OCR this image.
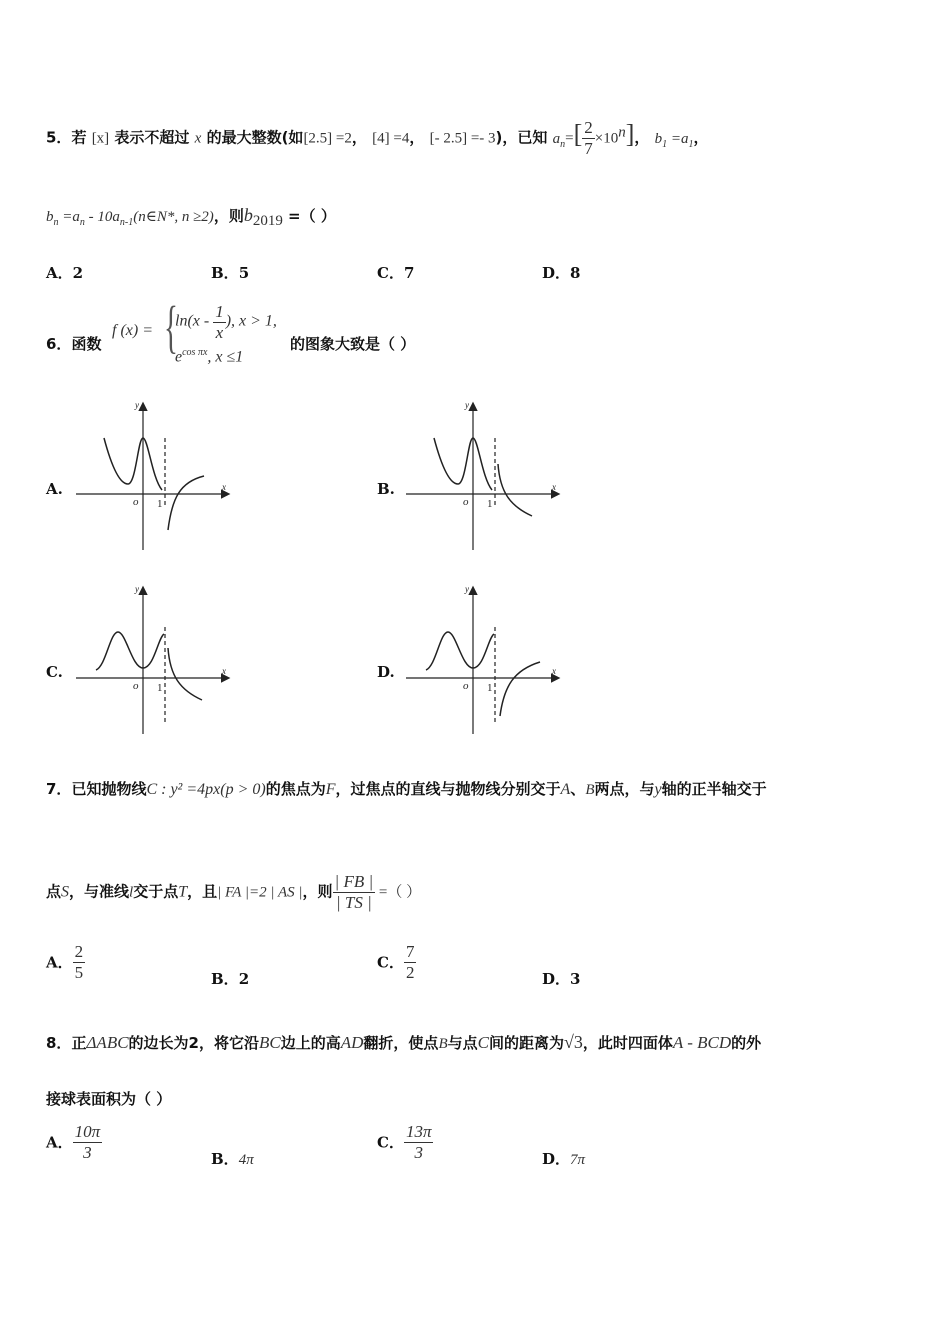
5．若 [x] 表示不超过 x 的最大整数(如[2.5] =2， [4] =4， [- 2.5] =- 3)，已知 $a_n=[ \frac{2}{7} \times 10^n]$， $b_1 =a_1$，
$b_n =a_n$ - $10a_{n-1}(n\in N*$, n ≥2)，则$b_{2019}$ =（ ）
A．2	B．5	C．7	D．8
6．函数
f (x) = {
$\ln(x - \frac{1}{x}$ ), x > 1,
$e^{cos \pi x}$, x ≤1
的图象大致是（ ）
A.	B.
C.	D.
x
y
o 1
x
y
o 1
x
y
o 1
x
y
o 1
7．已知抛物线C : y² =4px(p > 0)的焦点为F，过焦点的直线与抛物线分别交于A、B两点，与y轴的正半轴交于
点S，与准线l交于点T，且| FA |=2 | AS |，则 $\frac{| FB |}{| TS |}$ =（ ）
A． $\frac{2}{5}$	B．2
C． $\frac{7}{2}$	D．3
8．正ΔABC的边长为2，将它沿BC边上的高AD翻折，使点B与点C间的距离为√3，此时四面体A - BCD的外
接球表面积为（ ）
A． $\frac{10\pi}{3}$	B．4π
C． $\frac{13\pi}{3}$	D．7π
